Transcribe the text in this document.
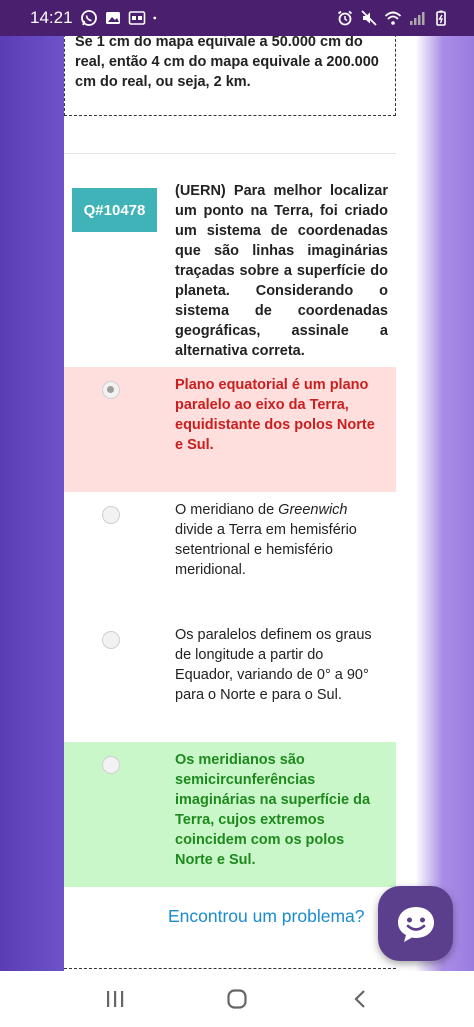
14:21

Se 1 cm do mapa equivale a 50.000 cm do real, então 4 cm do mapa equivale a 200.000 cm do real, ou seja, 2 km.

Q#10478
(UERN) Para melhor localizar um ponto na Terra, foi criado um sistema de coordenadas que são linhas imaginárias traçadas sobre a superfície do planeta. Considerando o sistema de coordenadas geográficas, assinale a alternativa correta.
Plano equatorial é um plano paralelo ao eixo da Terra, equidistante dos polos Norte e Sul.
O meridiano de Greenwich divide a Terra em hemisfério setentrional e hemisfério meridional.
Os paralelos definem os graus de longitude a partir do Equador, variando de 0° a 90° para o Norte e para o Sul.
Os meridianos são semicircunferências imaginárias na superfície da Terra, cujos extremos coincidem com os polos Norte e Sul.
Encontrou um problema?
